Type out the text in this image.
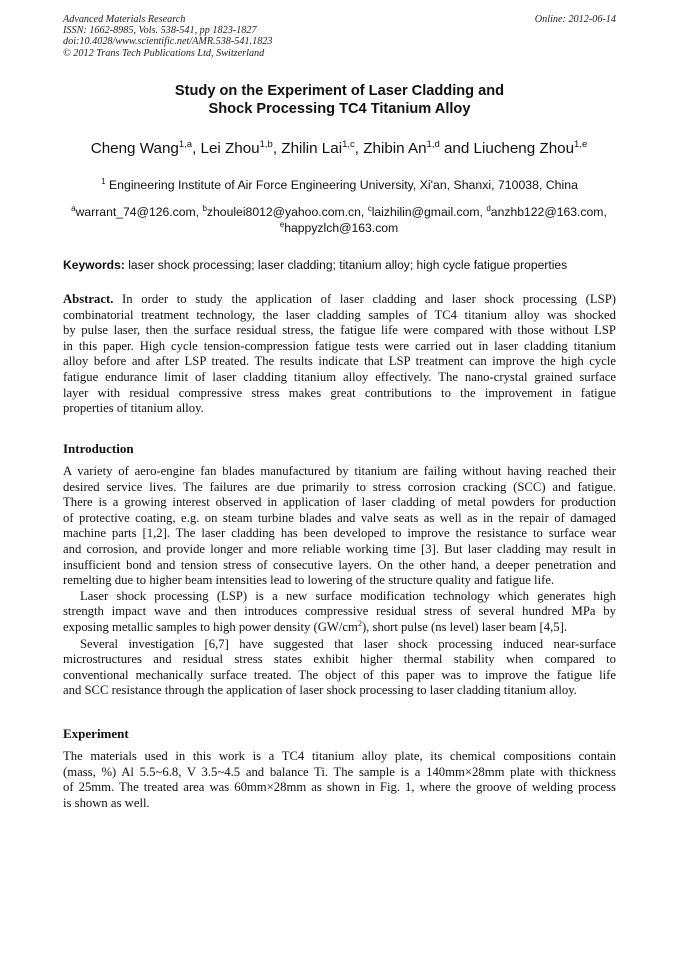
Advanced Materials Research
ISSN: 1662-8985, Vols. 538-541, pp 1823-1827
doi:10.4028/www.scientific.net/AMR.538-541.1823
© 2012 Trans Tech Publications Ltd, Switzerland
Online: 2012-06-14
Study on the Experiment of Laser Cladding and
Shock Processing TC4 Titanium Alloy
Cheng Wang$^{1,a}$, Lei Zhou$^{1,b}$, Zhilin Lai$^{1,c}$, Zhibin An$^{1,d}$ and Liucheng Zhou$^{1,e}$
$^1$ Engineering Institute of Air Force Engineering University, Xi'an, Shanxi, 710038, China
$^a$warrant_74@126.com, $^b$zhoulei8012@yahoo.com.cn, $^c$laizhilin@gmail.com, $^d$anzhb122@163.com,
$^e$happyzlch@163.com
Keywords: laser shock processing; laser cladding; titanium alloy; high cycle fatigue properties
Abstract. In order to study the application of laser cladding and laser shock processing (LSP)
combinatorial treatment technology, the laser cladding samples of TC4 titanium alloy was shocked
by pulse laser, then the surface residual stress, the fatigue life were compared with those without LSP
in this paper. High cycle tension-compression fatigue tests were carried out in laser cladding titanium
alloy before and after LSP treated. The results indicate that LSP treatment can improve the high cycle
fatigue endurance limit of laser cladding titanium alloy effectively. The nano-crystal grained surface
layer with residual compressive stress makes great contributions to the improvement in fatigue
properties of titanium alloy.
Introduction
A variety of aero-engine fan blades manufactured by titanium are failing without having reached their
desired service lives. The failures are due primarily to stress corrosion cracking (SCC) and fatigue.
There is a growing interest observed in application of laser cladding of metal powders for production
of protective coating, e.g. on steam turbine blades and valve seats as well as in the repair of damaged
machine parts [1,2]. The laser cladding has been developed to improve the resistance to surface wear
and corrosion, and provide longer and more reliable working time [3]. But laser cladding may result in
insufficient bond and tension stress of consecutive layers. On the other hand, a deeper penetration and
remelting due to higher beam intensities lead to lowering of the structure quality and fatigue life.
Laser shock processing (LSP) is a new surface modification technology which generates high
strength impact wave and then introduces compressive residual stress of several hundred MPa by
exposing metallic samples to high power density $(GW/cm^2)$, short pulse (ns level) laser beam [4,5].
Several investigation [6,7] have suggested that laser shock processing induced near-surface
microstructures and residual stress states exhibit higher thermal stability when compared to
conventional mechanically surface treated. The object of this paper was to improve the fatigue life
and SCC resistance through the application of laser shock processing to laser cladding titanium alloy.
Experiment
The materials used in this work is a TC4 titanium alloy plate, its chemical compositions contain
(mass, %) Al 5.5~6.8, V 3.5~4.5 and balance Ti. The sample is a 140mm×28mm plate with thickness
of 25mm. The treated area was 60mm×28mm as shown in Fig. 1, where the groove of welding process
is shown as well.
